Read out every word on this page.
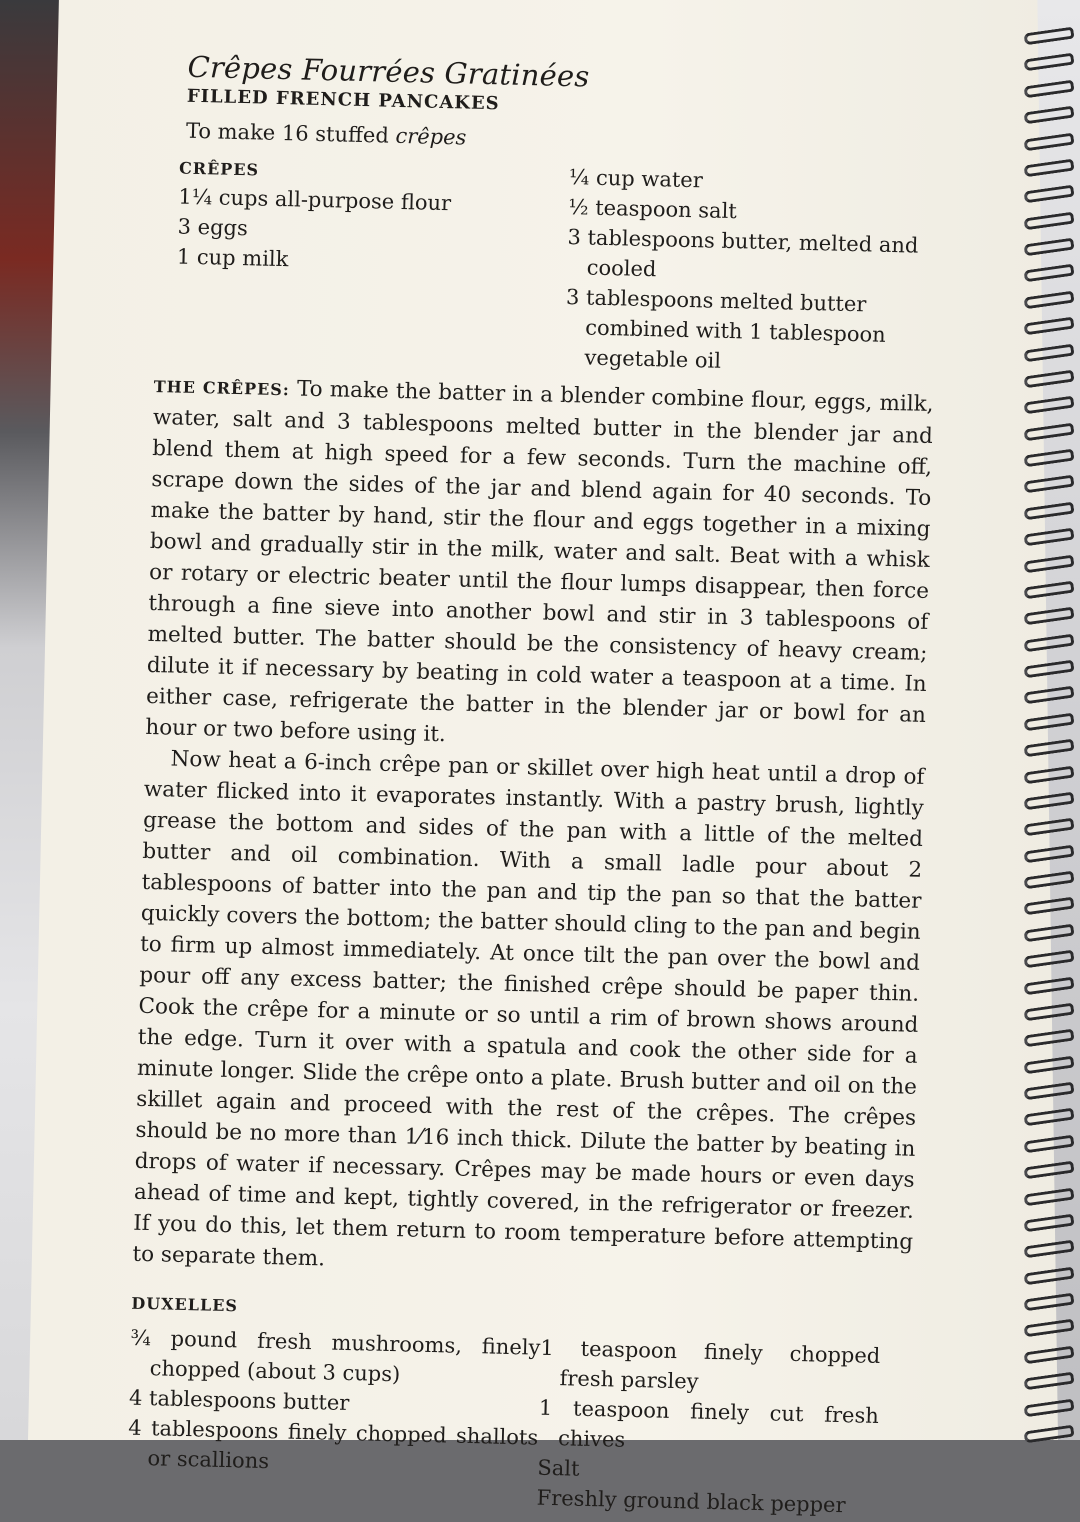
Crêpes Fourrées Gratinées
FILLED FRENCH PANCAKES
To make 16 stuffed crêpes
CRÊPES
1¼ cups all-purpose flour
3 eggs
1 cup milk
¼ cup water
½ teaspoon salt
3 tablespoons butter, melted and cooled
3 tablespoons melted butter combined with 1 tablespoon vegetable oil

THE CRÊPES: To make the batter in a blender combine flour, eggs, milk, water, salt and 3 tablespoons melted butter in the blender jar and blend them at high speed for a few seconds. Turn the machine off, scrape down the sides of the jar and blend again for 40 seconds. To make the batter by hand, stir the flour and eggs together in a mixing bowl and gradually stir in the milk, water and salt. Beat with a whisk or rotary or electric beater until the flour lumps disappear, then force through a fine sieve into another bowl and stir in 3 tablespoons of melted butter. The batter should be the consistency of heavy cream; dilute it if necessary by beating in cold water a teaspoon at a time. In either case, refrigerate the batter in the blender jar or bowl for an hour or two before using it.

Now heat a 6-inch crêpe pan or skillet over high heat until a drop of water flicked into it evaporates instantly. With a pastry brush, lightly grease the bottom and sides of the pan with a little of the melted butter and oil combination. With a small ladle pour about 2 tablespoons of batter into the pan and tip the pan so that the batter quickly covers the bottom; the batter should cling to the pan and begin to firm up almost immediately. At once tilt the pan over the bowl and pour off any excess batter; the finished crêpe should be paper thin. Cook the crêpe for a minute or so until a rim of brown shows around the edge. Turn it over with a spatula and cook the other side for a minute longer. Slide the crêpe onto a plate. Brush butter and oil on the skillet again and proceed with the rest of the crêpes. The crêpes should be no more than 1⁄16 inch thick. Dilute the batter by beating in drops of water if necessary. Crêpes may be made hours or even days ahead of time and kept, tightly covered, in the refrigerator or freezer. If you do this, let them return to room temperature before attempting to separate them.

DUXELLES
¾ pound fresh mushrooms, finely chopped (about 3 cups)
4 tablespoons butter
4 tablespoons finely chopped shallots or scallions
1 teaspoon finely chopped fresh parsley
1 teaspoon finely cut fresh chives
Salt
Freshly ground black pepper
